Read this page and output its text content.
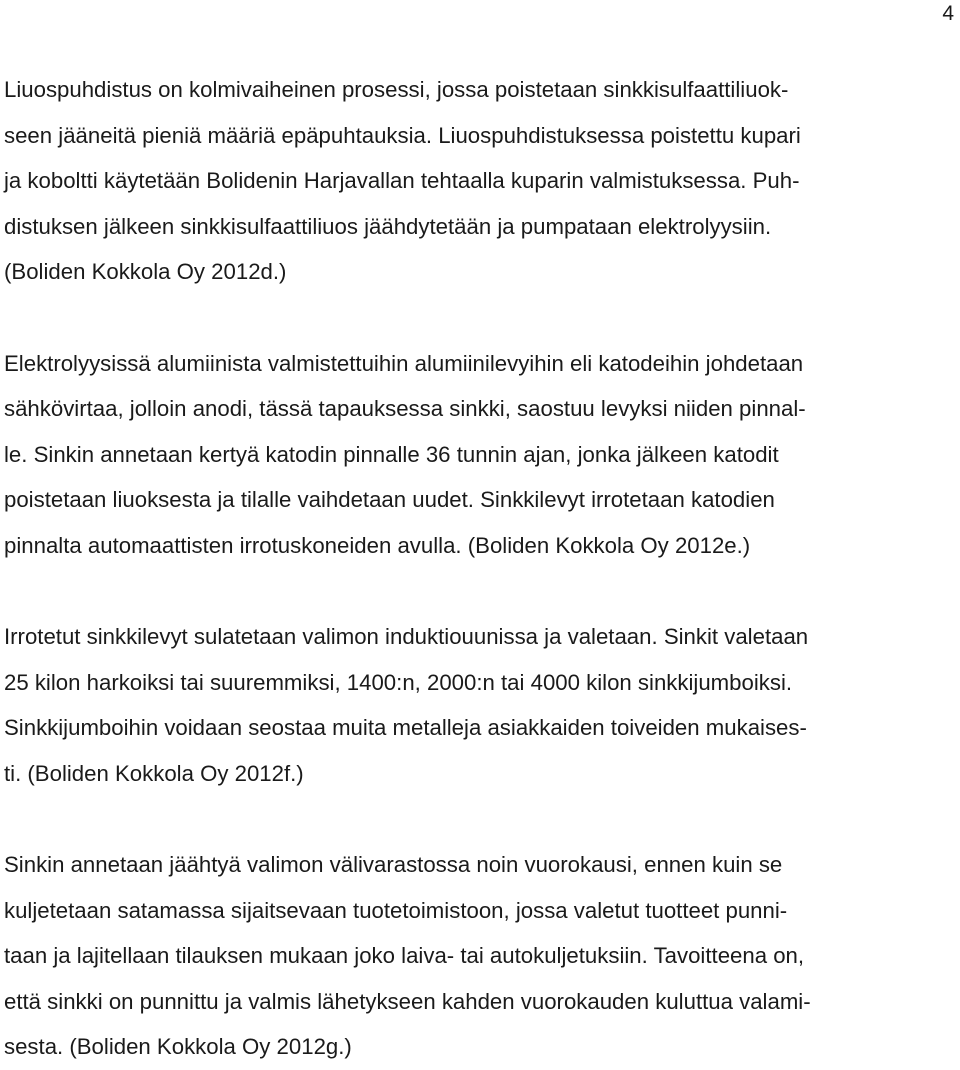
4

Liuospuhdistus on kolmivaiheinen prosessi, jossa poistetaan sinkkisulfaattiliuok-
seen jääneitä pieniä määriä epäpuhtauksia. Liuospuhdistuksessa poistettu kupari
ja koboltti käytetään Bolidenin Harjavallan tehtaalla kuparin valmistuksessa. Puh-
distuksen jälkeen sinkkisulfaattiliuos jäähdytetään ja pumpataan elektrolyysiin.
(Boliden Kokkola Oy 2012d.)

Elektrolyysissä alumiinista valmistettuihin alumiinilevyihin eli katodeihin johdetaan
sähkövirtaa, jolloin anodi, tässä tapauksessa sinkki, saostuu levyksi niiden pinnal-
le. Sinkin annetaan kertyä katodin pinnalle 36 tunnin ajan, jonka jälkeen katodit
poistetaan liuoksesta ja tilalle vaihdetaan uudet. Sinkkilevyt irrotetaan katodien
pinnalta automaattisten irrotuskoneiden avulla. (Boliden Kokkola Oy 2012e.)

Irrotetut sinkkilevyt sulatetaan valimon induktiouunissa ja valetaan. Sinkit valetaan
25 kilon harkoiksi tai suuremmiksi, 1400:n, 2000:n tai 4000 kilon sinkkijumboiksi.
Sinkkijumboihin voidaan seostaa muita metalleja asiakkaiden toiveiden mukaises-
ti. (Boliden Kokkola Oy 2012f.)

Sinkin annetaan jäähtyä valimon välivarastossa noin vuorokausi, ennen kuin se
kuljetetaan satamassa sijaitsevaan tuotetoimistoon, jossa valetut tuotteet punni-
taan ja lajitellaan tilauksen mukaan joko laiva- tai autokuljetuksiin. Tavoitteena on,
että sinkki on punnittu ja valmis lähetykseen kahden vuorokauden kuluttua valami-
sesta. (Boliden Kokkola Oy 2012g.)
